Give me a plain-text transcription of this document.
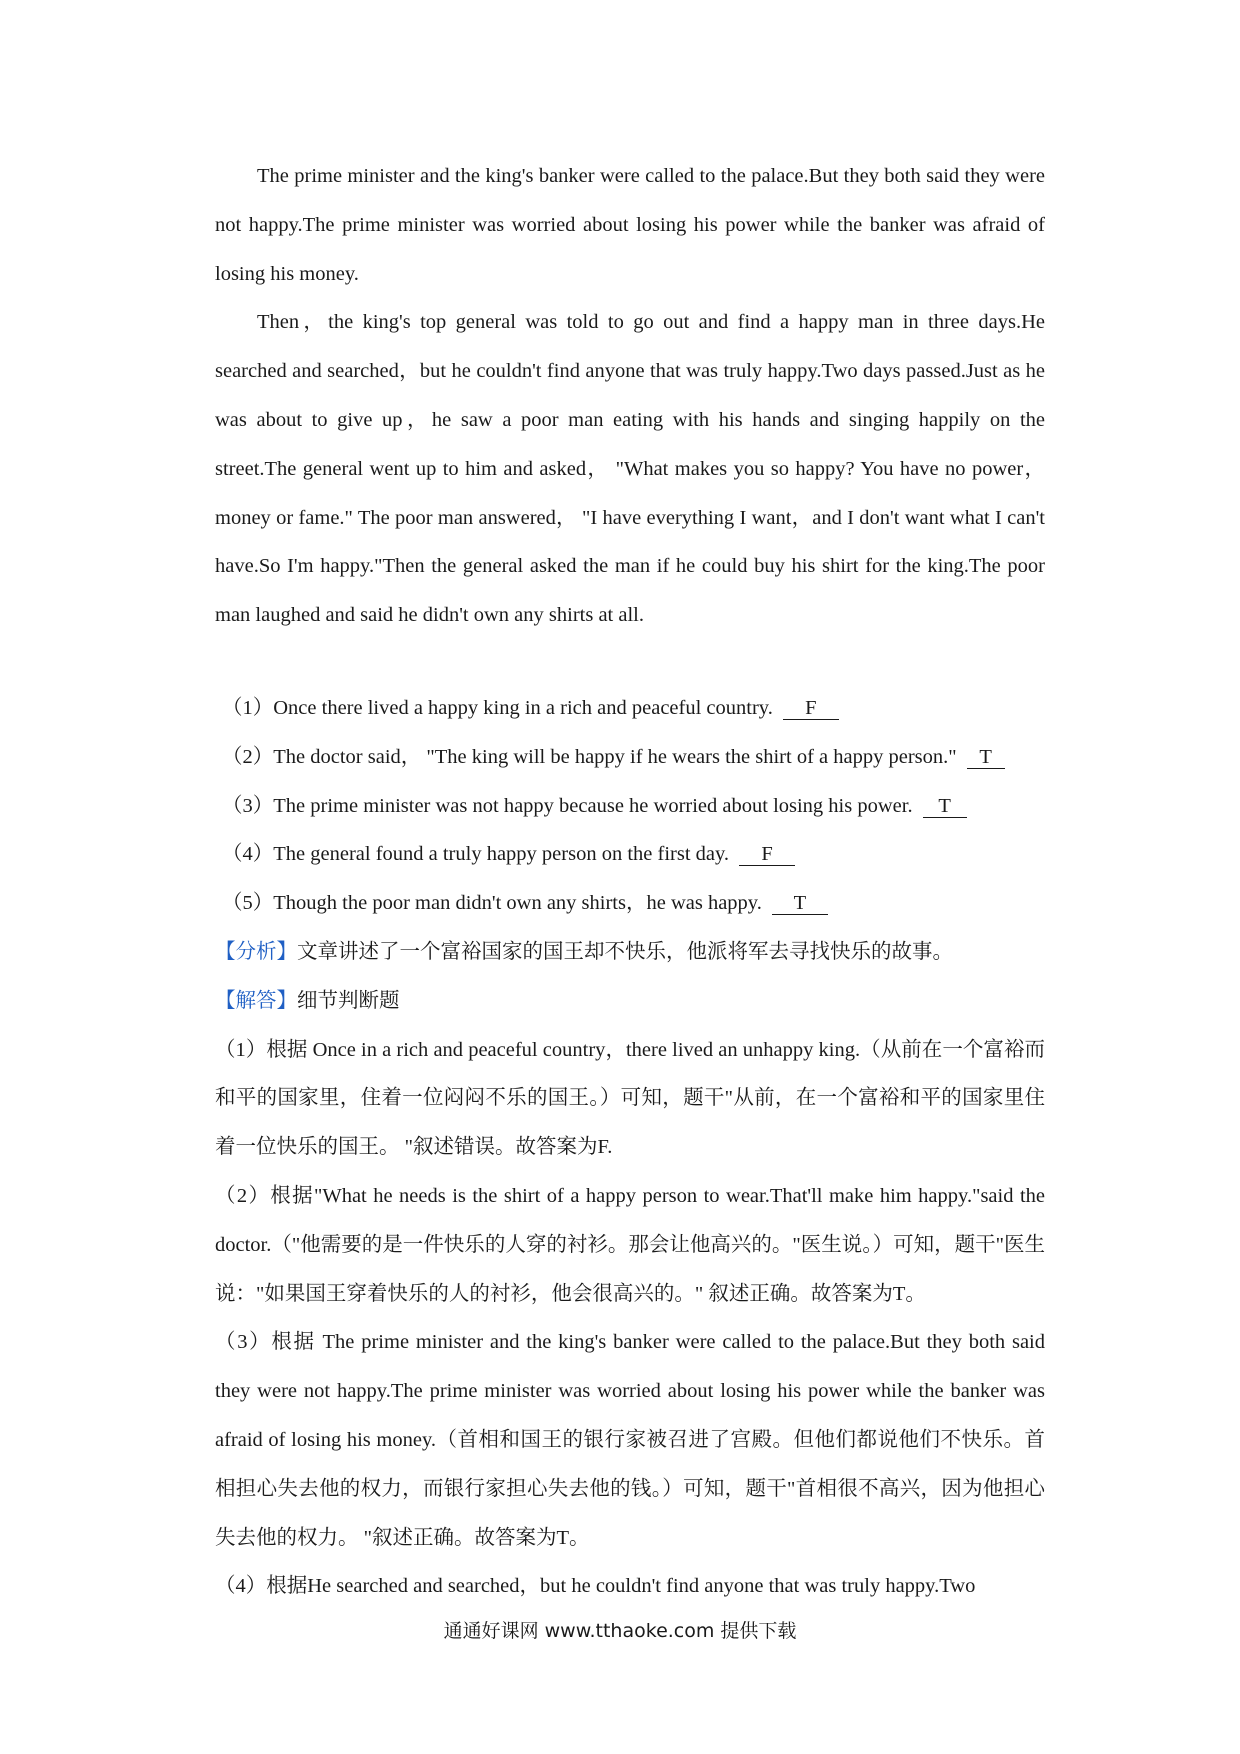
The prime minister and the king's banker were called to the palace.But they both said they were not happy.The prime minister was worried about losing his power while the banker was afraid of losing his money.

Then，the king's top general was told to go out and find a happy man in three days.He searched and searched，but he couldn't find anyone that was truly happy.Two days passed.Just as he was about to give up，he saw a poor man eating with his hands and singing happily on the street.The general went up to him and asked， "What makes you so happy? You have no power，money or fame." The poor man answered， "I have everything I want，and I don't want what I can't have.So I'm happy."Then the general asked the man if he could buy his shirt for the king.The poor man laughed and said he didn't own any shirts at all.

（1）Once there lived a happy king in a rich and peaceful country. F

（2）The doctor said， "The king will be happy if he wears the shirt of a happy person." T

（3）The prime minister was not happy because he worried about losing his power. T

（4）The general found a truly happy person on the first day. F

（5）Though the poor man didn't own any shirts，he was happy. T

【分析】文章讲述了一个富裕国家的国王却不快乐，他派将军去寻找快乐的故事。

【解答】细节判断题

（1）根据 Once in a rich and peaceful country，there lived an unhappy king.（从前在一个富裕而和平的国家里，住着一位闷闷不乐的国王。）可知，题干"从前，在一个富裕和平的国家里住着一位快乐的国王。 "叙述错误。故答案为F.

（2）根据"What he needs is the shirt of a happy person to wear.That'll make him happy."said the doctor.（"他需要的是一件快乐的人穿的衬衫。那会让他高兴的。"医生说。）可知，题干"医生说："如果国王穿着快乐的人的衬衫，他会很高兴的。" 叙述正确。故答案为T。

（3）根据 The prime minister and the king's banker were called to the palace.But they both said they were not happy.The prime minister was worried about losing his power while the banker was afraid of losing his money.（首相和国王的银行家被召进了宫殿。但他们都说他们不快乐。首相担心失去他的权力，而银行家担心失去他的钱。）可知，题干"首相很不高兴，因为他担心失去他的权力。 "叙述正确。故答案为T。

（4）根据He searched and searched，but he couldn't find anyone that was truly happy.Two

通通好课网 www.tthaoke.com 提供下载
